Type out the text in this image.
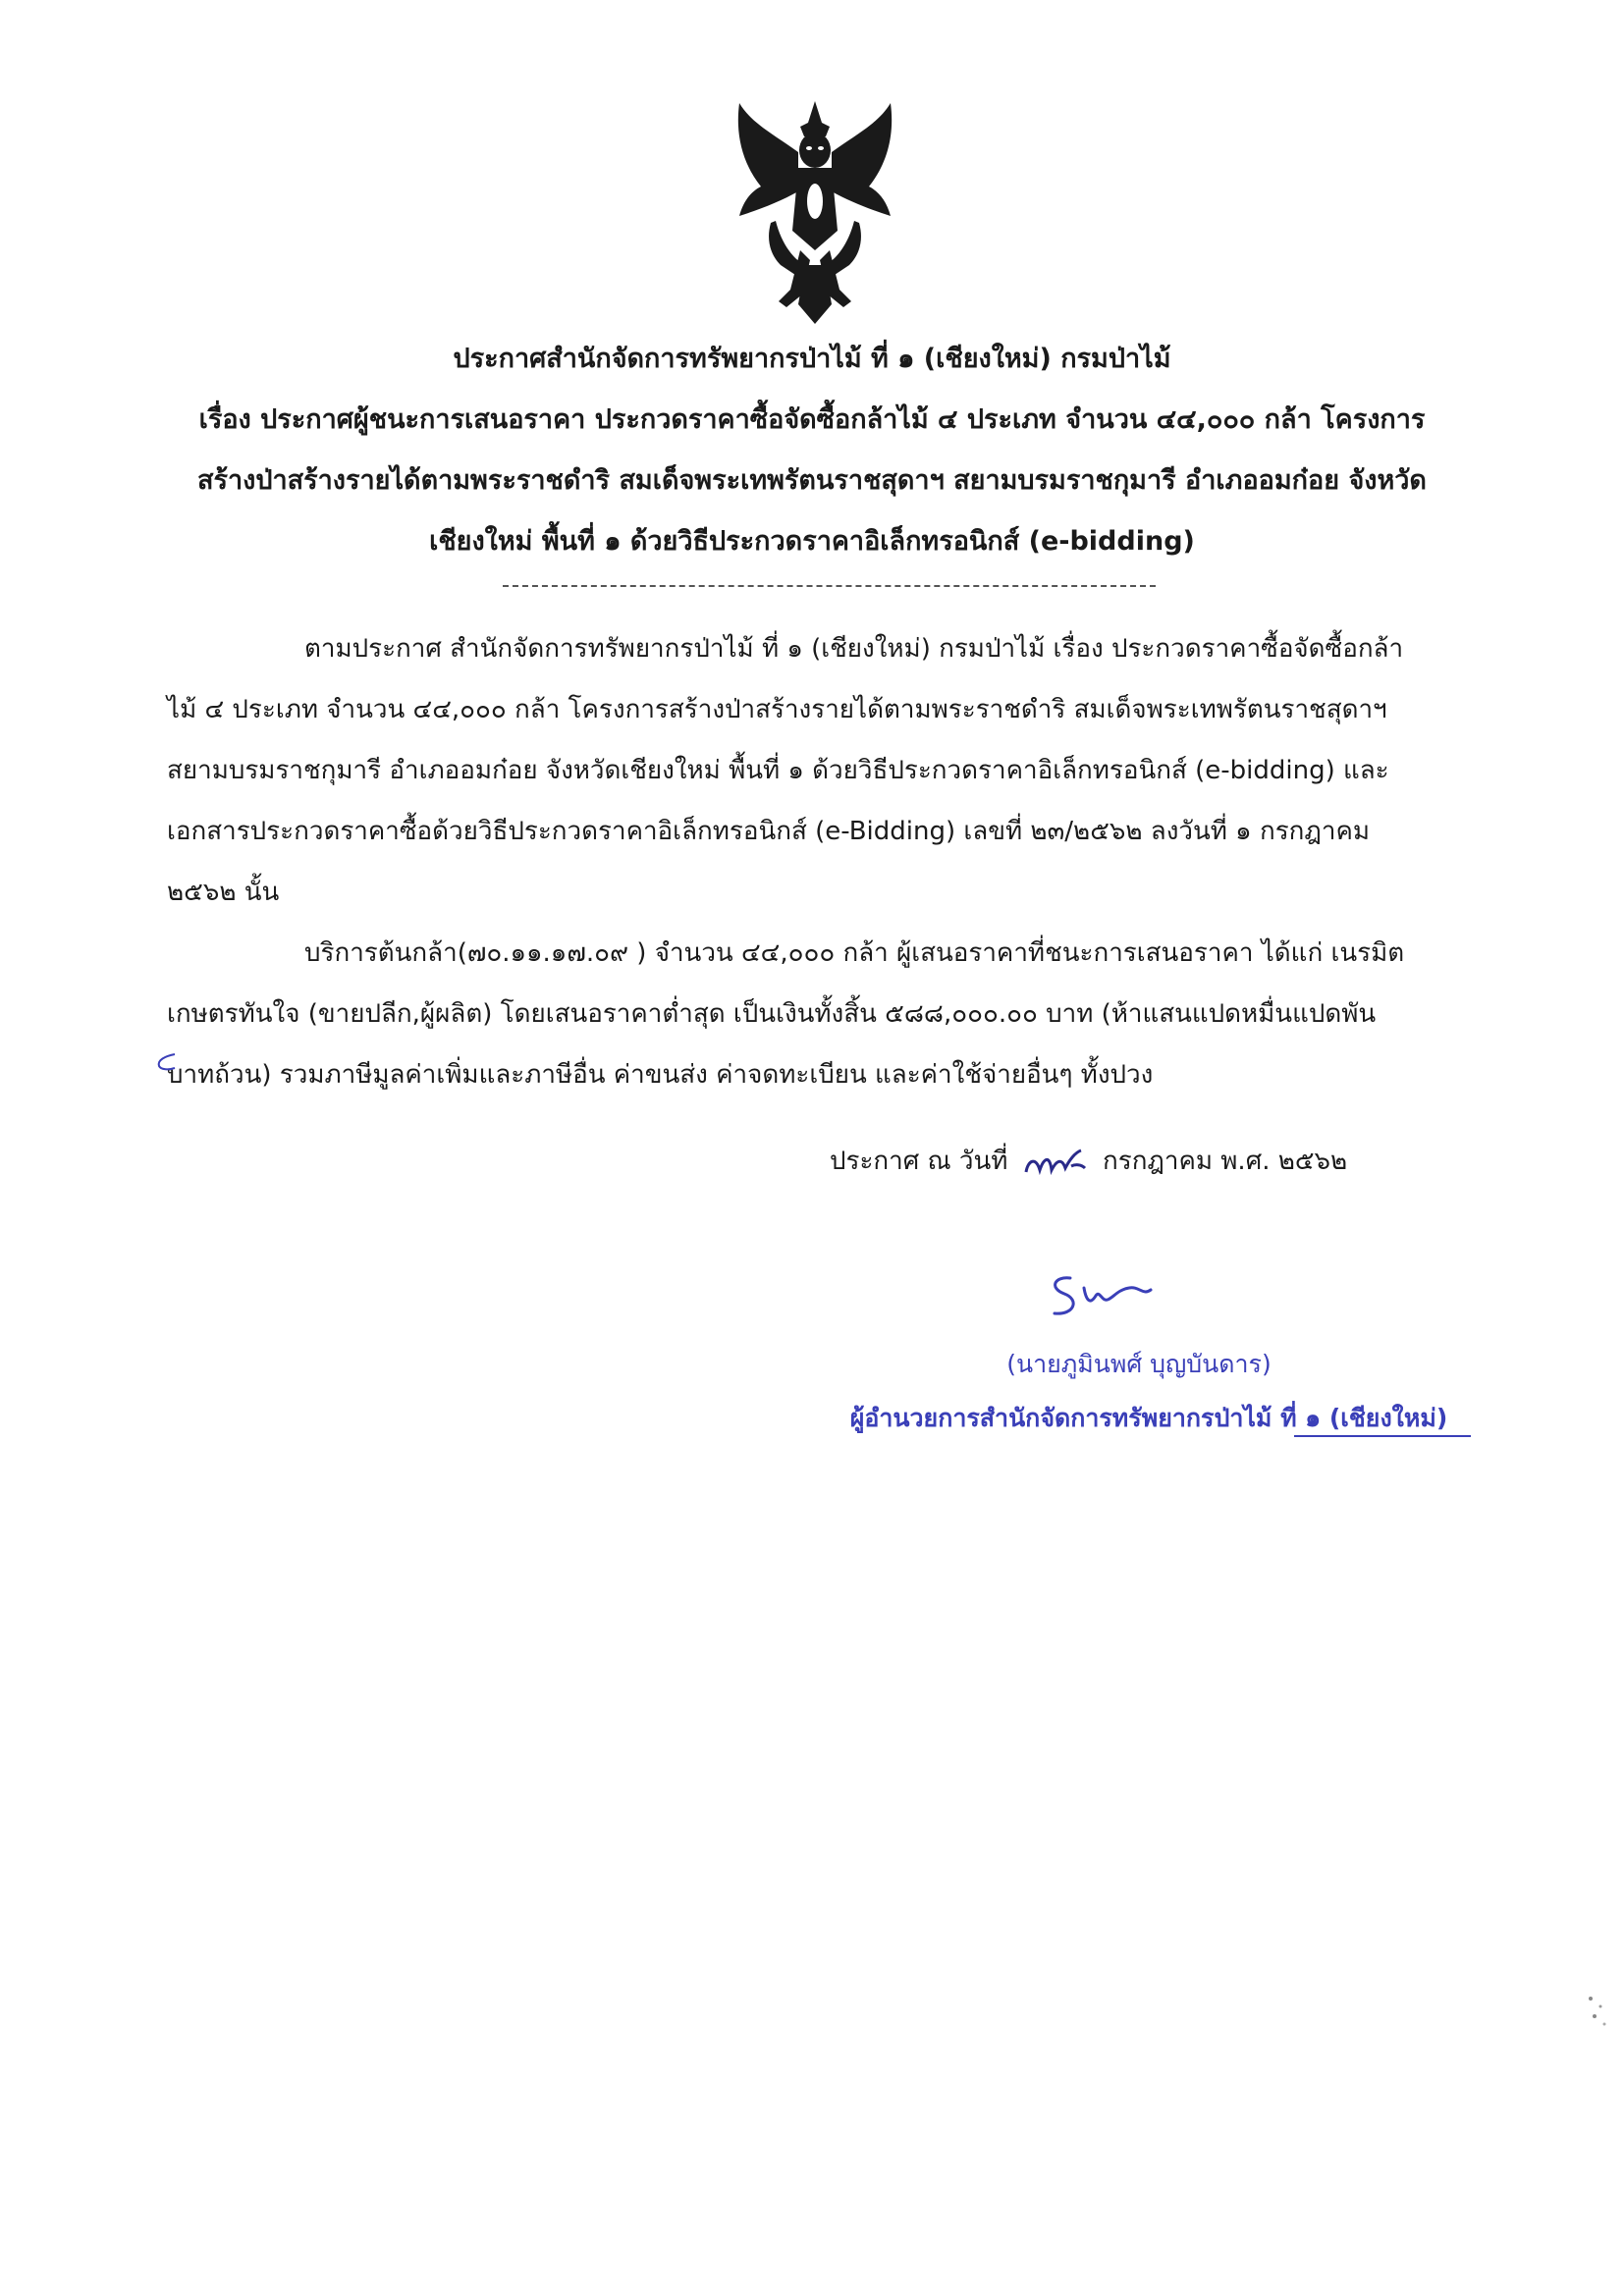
ประกาศสำนักจัดการทรัพยากรป่าไม้ ที่ ๑ (เชียงใหม่) กรมป่าไม้
เรื่อง ประกาศผู้ชนะการเสนอราคา ประกวดราคาซื้อจัดซื้อกล้าไม้ ๔ ประเภท จำนวน ๔๔,๐๐๐ กล้า โครงการ
สร้างป่าสร้างรายได้ตามพระราชดำริ สมเด็จพระเทพรัตนราชสุดาฯ สยามบรมราชกุมารี อำเภออมก๋อย จังหวัด
เชียงใหม่ พื้นที่ ๑ ด้วยวิธีประกวดราคาอิเล็กทรอนิกส์ (e-bidding)
ตามประกาศ สำนักจัดการทรัพยากรป่าไม้ ที่ ๑ (เชียงใหม่) กรมป่าไม้ เรื่อง ประกวดราคาซื้อจัดซื้อกล้า
ไม้ ๔ ประเภท จำนวน ๔๔,๐๐๐ กล้า โครงการสร้างป่าสร้างรายได้ตามพระราชดำริ สมเด็จพระเทพรัตนราชสุดาฯ
สยามบรมราชกุมารี อำเภออมก๋อย จังหวัดเชียงใหม่ พื้นที่ ๑ ด้วยวิธีประกวดราคาอิเล็กทรอนิกส์ (e-bidding) และ
เอกสารประกวดราคาซื้อด้วยวิธีประกวดราคาอิเล็กทรอนิกส์ (e-Bidding) เลขที่ ๒๓/๒๕๖๒ ลงวันที่ ๑ กรกฎาคม
๒๕๖๒ นั้น
บริการต้นกล้า(๗๐.๑๑.๑๗.๐๙ ) จำนวน ๔๔,๐๐๐ กล้า ผู้เสนอราคาที่ชนะการเสนอราคา ได้แก่ เนรมิต
เกษตรทันใจ (ขายปลีก,ผู้ผลิต) โดยเสนอราคาต่ำสุด เป็นเงินทั้งสิ้น ๕๘๘,๐๐๐.๐๐ บาท (ห้าแสนแปดหมื่นแปดพัน
บาทถ้วน) รวมภาษีมูลค่าเพิ่มและภาษีอื่น ค่าขนส่ง ค่าจดทะเบียน และค่าใช้จ่ายอื่นๆ ทั้งปวง
ประกาศ ณ วันที่	กรกฎาคม พ.ศ. ๒๕๖๒
(นายภูมินพศ์ บุญบันดาร)
ผู้อำนวยการสำนักจัดการทรัพยากรป่าไม้ ที่ ๑ (เชียงใหม่)
